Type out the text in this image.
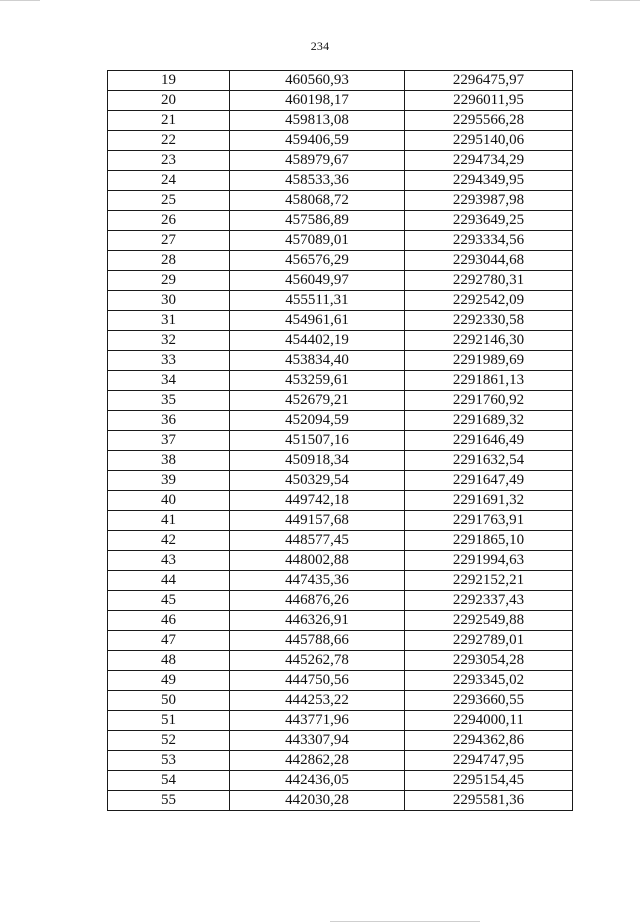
234
19	460560,93	2296475,97
20	460198,17	2296011,95
21	459813,08	2295566,28
22	459406,59	2295140,06
23	458979,67	2294734,29
24	458533,36	2294349,95
25	458068,72	2293987,98
26	457586,89	2293649,25
27	457089,01	2293334,56
28	456576,29	2293044,68
29	456049,97	2292780,31
30	455511,31	2292542,09
31	454961,61	2292330,58
32	454402,19	2292146,30
33	453834,40	2291989,69
34	453259,61	2291861,13
35	452679,21	2291760,92
36	452094,59	2291689,32
37	451507,16	2291646,49
38	450918,34	2291632,54
39	450329,54	2291647,49
40	449742,18	2291691,32
41	449157,68	2291763,91
42	448577,45	2291865,10
43	448002,88	2291994,63
44	447435,36	2292152,21
45	446876,26	2292337,43
46	446326,91	2292549,88
47	445788,66	2292789,01
48	445262,78	2293054,28
49	444750,56	2293345,02
50	444253,22	2293660,55
51	443771,96	2294000,11
52	443307,94	2294362,86
53	442862,28	2294747,95
54	442436,05	2295154,45
55	442030,28	2295581,36
